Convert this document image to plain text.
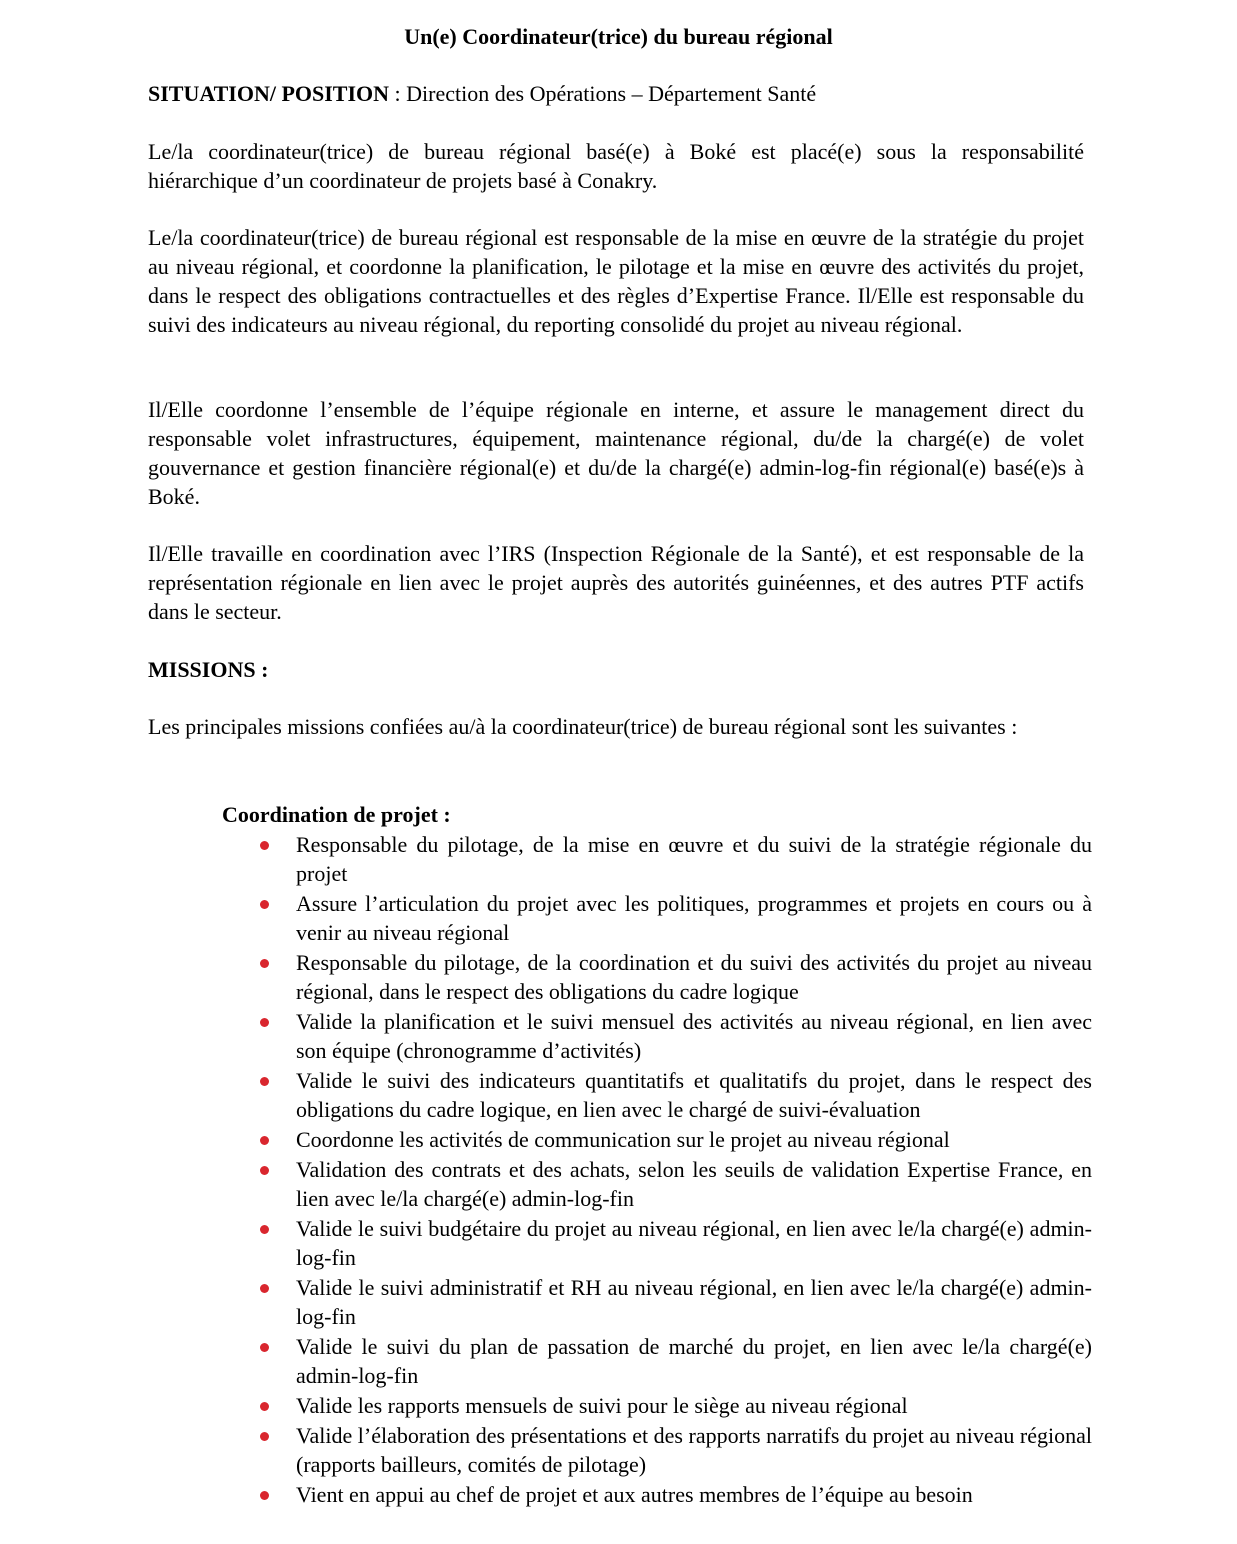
Un(e) Coordinateur(trice) du bureau régional

SITUATION/ POSITION : Direction des Opérations – Département Santé

Le/la coordinateur(trice) de bureau régional basé(e) à Boké est placé(e) sous la responsabilité hiérarchique d’un coordinateur de projets basé à Conakry.

Le/la coordinateur(trice) de bureau régional est responsable de la mise en œuvre de la stratégie du projet au niveau régional, et coordonne la planification, le pilotage et la mise en œuvre des activités du projet, dans le respect des obligations contractuelles et des règles d’Expertise France. Il/Elle est responsable du suivi des indicateurs au niveau régional, du reporting consolidé du projet au niveau régional.

Il/Elle coordonne l’ensemble de l’équipe régionale en interne, et assure le management direct du responsable volet infrastructures, équipement, maintenance régional, du/de la chargé(e) de volet gouvernance et gestion financière régional(e) et du/de la chargé(e) admin-log-fin régional(e) basé(e)s à Boké.

Il/Elle travaille en coordination avec l’IRS (Inspection Régionale de la Santé), et est responsable de la représentation régionale en lien avec le projet auprès des autorités guinéennes, et des autres PTF actifs dans le secteur.

MISSIONS :

Les principales missions confiées au/à la coordinateur(trice) de bureau régional sont les suivantes :

Coordination de projet :

Responsable du pilotage, de la mise en œuvre et du suivi de la stratégie régionale du projet
Assure l’articulation du projet avec les politiques, programmes et projets en cours ou à venir au niveau régional
Responsable du pilotage, de la coordination et du suivi des activités du projet au niveau régional, dans le respect des obligations du cadre logique
Valide la planification et le suivi mensuel des activités au niveau régional, en lien avec son équipe (chronogramme d’activités)
Valide le suivi des indicateurs quantitatifs et qualitatifs du projet, dans le respect des obligations du cadre logique, en lien avec le chargé de suivi-évaluation
Coordonne les activités de communication sur le projet au niveau régional
Validation des contrats et des achats, selon les seuils de validation Expertise France, en lien avec le/la chargé(e) admin-log-fin
Valide le suivi budgétaire du projet au niveau régional, en lien avec le/la chargé(e) admin-log-fin
Valide le suivi administratif et RH au niveau régional, en lien avec le/la chargé(e) admin-log-fin
Valide le suivi du plan de passation de marché du projet, en lien avec le/la chargé(e) admin-log-fin
Valide les rapports mensuels de suivi pour le siège au niveau régional
Valide l’élaboration des présentations et des rapports narratifs du projet au niveau régional (rapports bailleurs, comités de pilotage)
Vient en appui au chef de projet et aux autres membres de l’équipe au besoin
